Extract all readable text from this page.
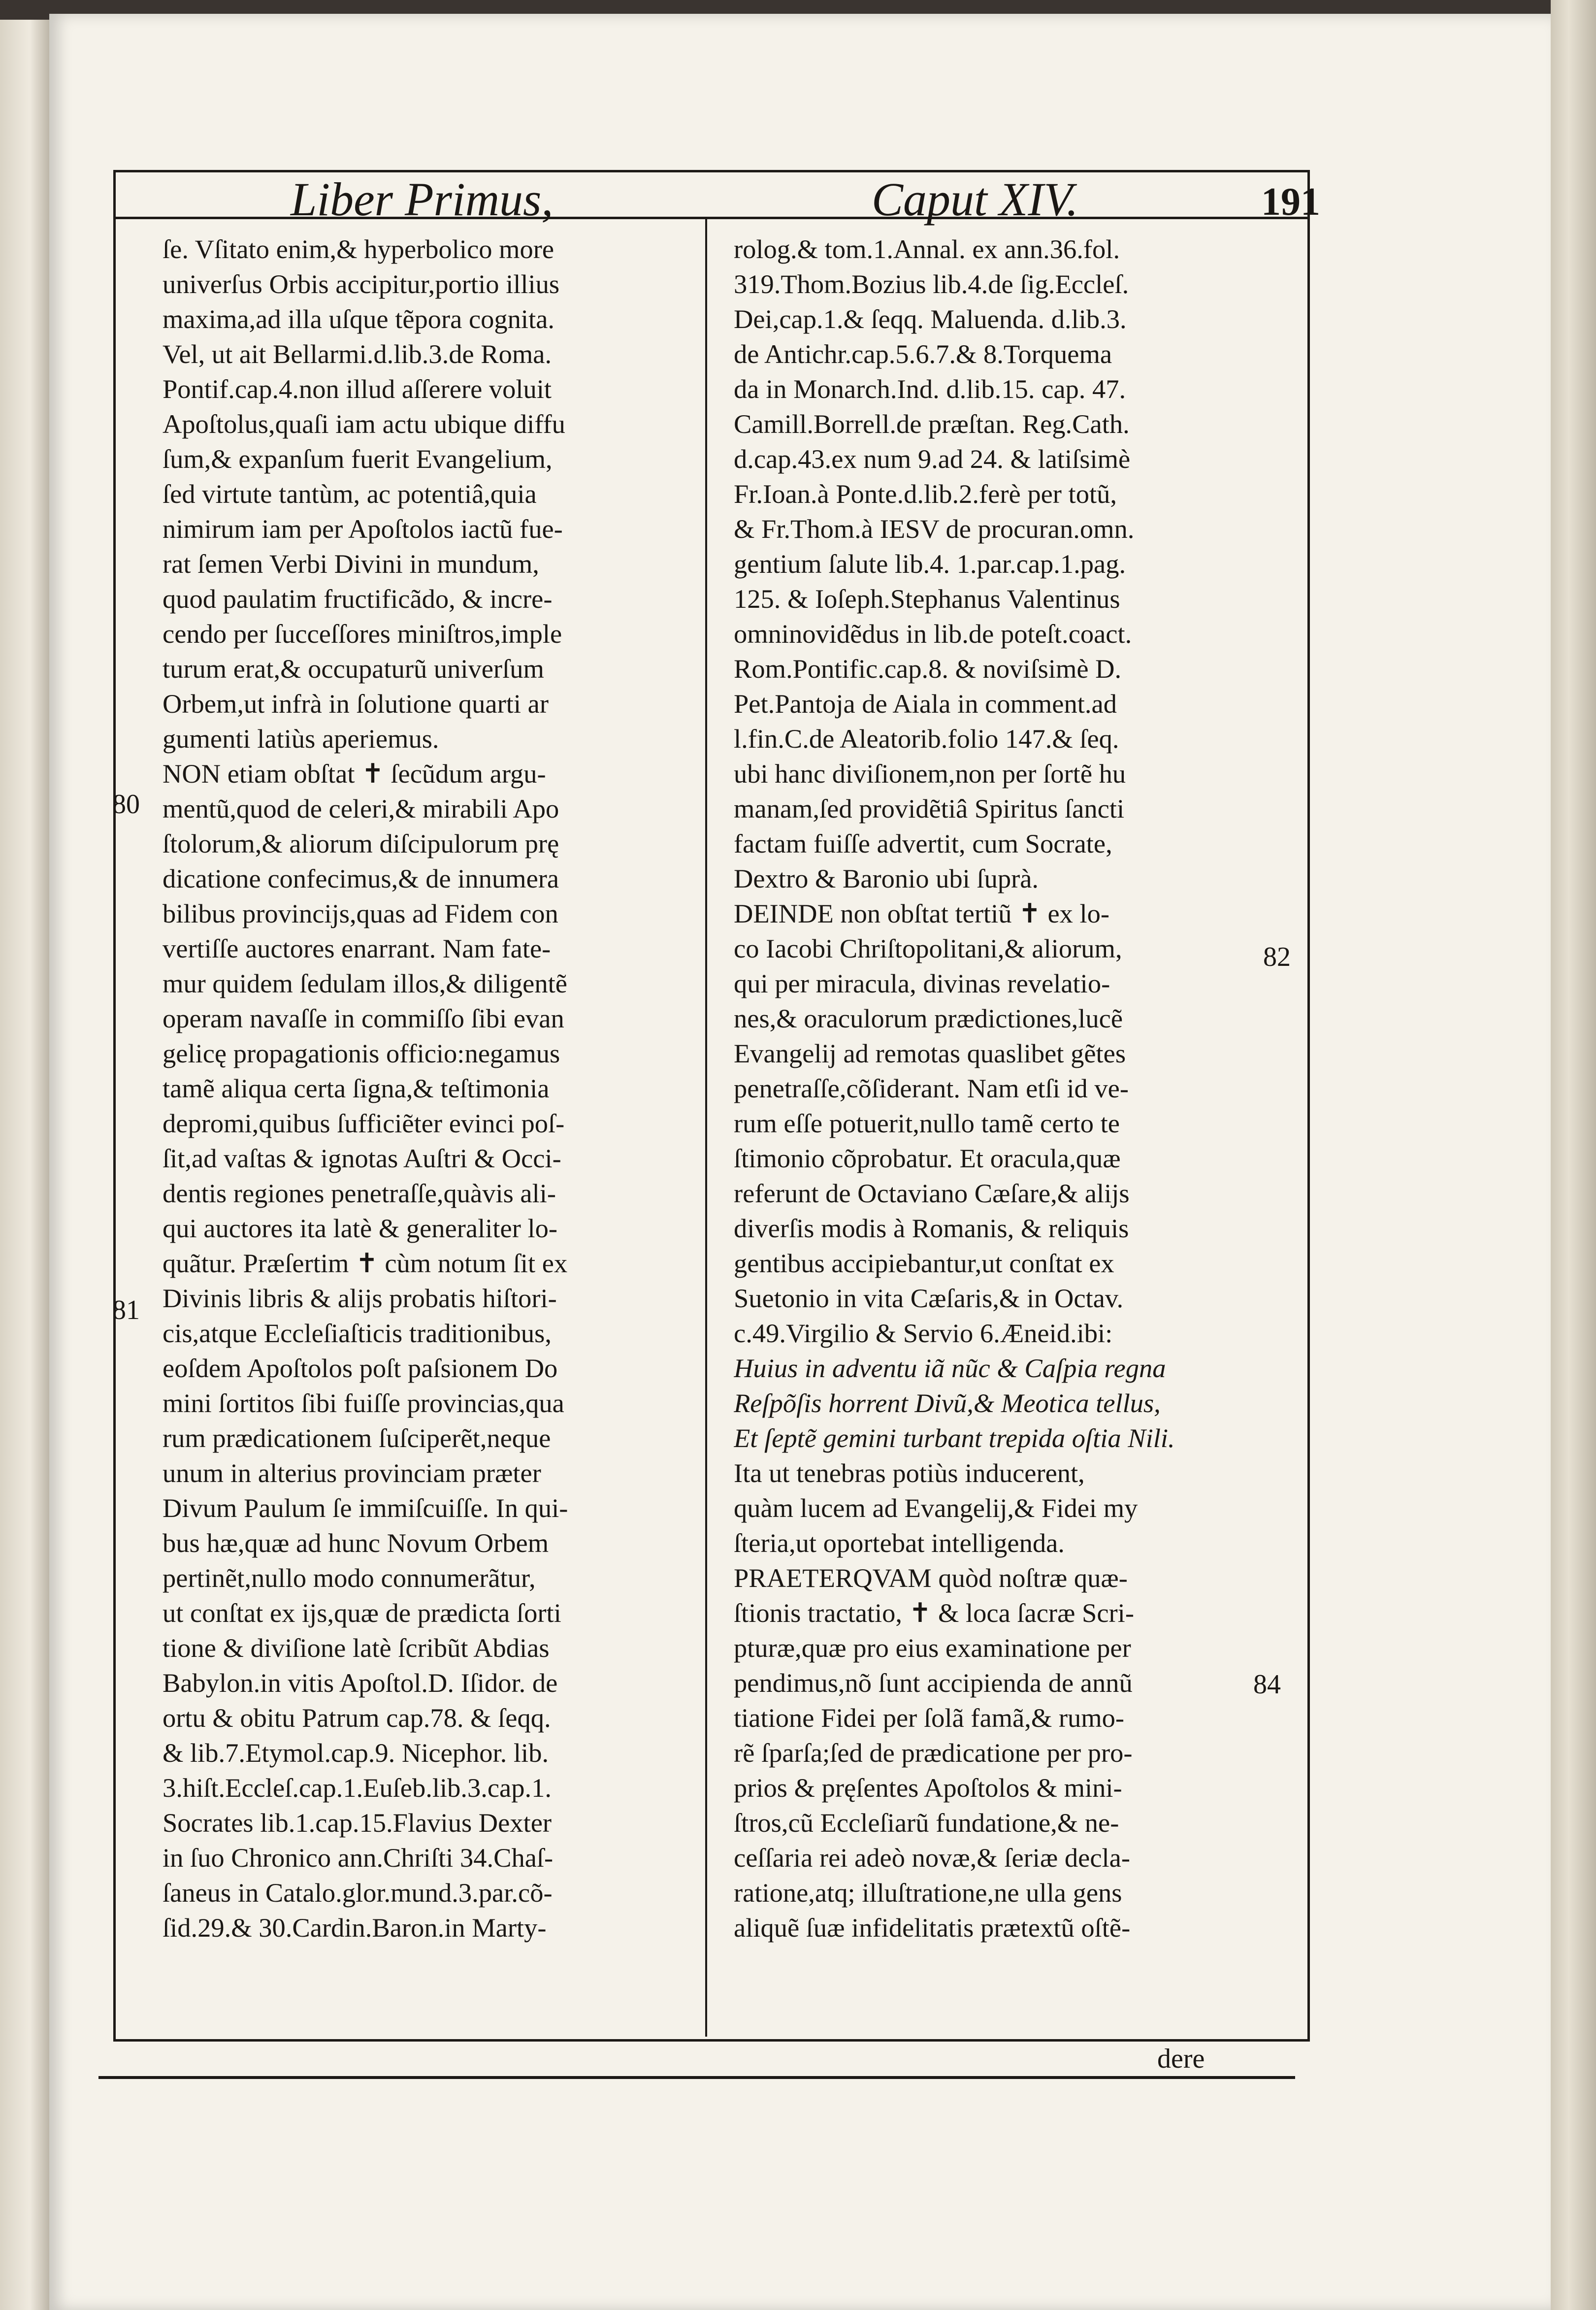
Liber Primus,	Caput XIV.	191
80
81
82
84
ſe. Vſitato enim,& hyperbolico more
univerſus Orbis accipitur,portio illius
maxima,ad illa uſque tẽpora cognita.
Vel, ut ait Bellarmi.d.lib.3.de Roma.
Pontif.cap.4.non illud aſſerere voluit
Apoſtolus,quaſi iam actu ubique diffu
ſum,& expanſum fuerit Evangelium,
ſed virtute tantùm, ac potentiâ,quia
nimirum iam per Apoſtolos iactũ fue-
rat ſemen Verbi Divini in mundum,
quod paulatim fructificãdo, & incre-
cendo per ſucceſſores miniſtros,imple
turum erat,& occupaturũ univerſum
Orbem,ut infrà in ſolutione quarti ar
gumenti latiùs aperiemus.
NON etiam obſtat ✝ ſecũdum argu-
mentũ,quod de celeri,& mirabili Apo
ſtolorum,& aliorum diſcipulorum prę
dicatione confecimus,& de innumera
bilibus provincijs,quas ad Fidem con
vertiſſe auctores enarrant. Nam fate-
mur quidem ſedulam illos,& diligentẽ
operam navaſſe in commiſſo ſibi evan
gelicę propagationis officio:negamus
tamẽ aliqua certa ſigna,& teſtimonia
depromi,quibus ſufficiẽter evinci poſ-
ſit,ad vaſtas & ignotas Auſtri & Occi-
dentis regiones penetraſſe,quàvis ali-
qui auctores ita latè & generaliter lo-
quãtur. Præſertim ✝ cùm notum ſit ex
Divinis libris & alijs probatis hiſtori-
cis,atque Eccleſiaſticis traditionibus,
eoſdem Apoſtolos poſt paſsionem Do
mini ſortitos ſibi fuiſſe provincias,qua
rum prædicationem ſuſciperẽt,neque
unum in alterius provinciam præter
Divum Paulum ſe immiſcuiſſe. In qui-
bus hæ,quæ ad hunc Novum Orbem
pertinẽt,nullo modo connumerãtur,
ut conſtat ex ijs,quæ de prædicta ſorti
tione & diviſione latè ſcribũt Abdias
Babylon.in vitis Apoſtol.D. Iſidor. de
ortu & obitu Patrum cap.78. & ſeqq.
& lib.7.Etymol.cap.9. Nicephor. lib.
3.hiſt.Eccleſ.cap.1.Euſeb.lib.3.cap.1.
Socrates lib.1.cap.15.Flavius Dexter
in ſuo Chronico ann.Chriſti 34.Chaſ-
ſaneus in Catalo.glor.mund.3.par.cõ-
ſid.29.& 30.Cardin.Baron.in Marty-
rolog.& tom.1.Annal. ex ann.36.fol.
319.Thom.Bozius lib.4.de ſig.Eccleſ.
Dei,cap.1.& ſeqq. Maluenda. d.lib.3.
de Antichr.cap.5.6.7.& 8.Torquema
da in Monarch.Ind. d.lib.15. cap. 47.
Camill.Borrell.de præſtan. Reg.Cath.
d.cap.43.ex num 9.ad 24. & latiſsimè
Fr.Ioan.à Ponte.d.lib.2.ferè per totũ,
& Fr.Thom.à IESV de procuran.omn.
gentium ſalute lib.4. 1.par.cap.1.pag.
125. & Ioſeph.Stephanus Valentinus
omninovidẽdus in lib.de poteſt.coact.
Rom.Pontific.cap.8. & noviſsimè D.
Pet.Pantoja de Aiala in comment.ad
l.fin.C.de Aleatorib.folio 147.& ſeq.
ubi hanc diviſionem,non per ſortẽ hu
manam,ſed providẽtiâ Spiritus ſancti
factam fuiſſe advertit, cum Socrate,
Dextro & Baronio ubi ſuprà.
DEINDE non obſtat tertiũ ✝ ex lo-
co Iacobi Chriſtopolitani,& aliorum,
qui per miracula, divinas revelatio-
nes,& oraculorum prædictiones,lucẽ
Evangelij ad remotas quaslibet gẽtes
penetraſſe,cõſiderant. Nam etſi id ve-
rum eſſe potuerit,nullo tamẽ certo te
ſtimonio cõprobatur. Et oracula,quæ
referunt de Octaviano Cæſare,& alijs
diverſis modis à Romanis, & reliquis
gentibus accipiebantur,ut conſtat ex
Suetonio in vita Cæſaris,& in Octav.
c.49.Virgilio & Servio 6.Æneid.ibi:
Huius in adventu iã nũc & Caſpia regna
Reſpõſis horrent Divũ,& Meotica tellus,
Et ſeptẽ gemini turbant trepida oſtia Nili.
Ita ut tenebras potiùs inducerent,
quàm lucem ad Evangelij,& Fidei my
ſteria,ut oportebat intelligenda.
PRAETERQVAM quòd noſtræ quæ-
ſtionis tractatio, ✝ & loca ſacræ Scri-
pturæ,quæ pro eius examinatione per
pendimus,nõ ſunt accipienda de annũ
tiatione Fidei per ſolã famã,& rumo-
rẽ ſparſa;ſed de prædicatione per pro-
prios & pręſentes Apoſtolos & mini-
ſtros,cũ Eccleſiarũ fundatione,& ne-
ceſſaria rei adeò novæ,& ſeriæ decla-
ratione,atq; illuſtratione,ne ulla gens
aliquẽ ſuæ infidelitatis prætextũ oſtẽ-
dere
